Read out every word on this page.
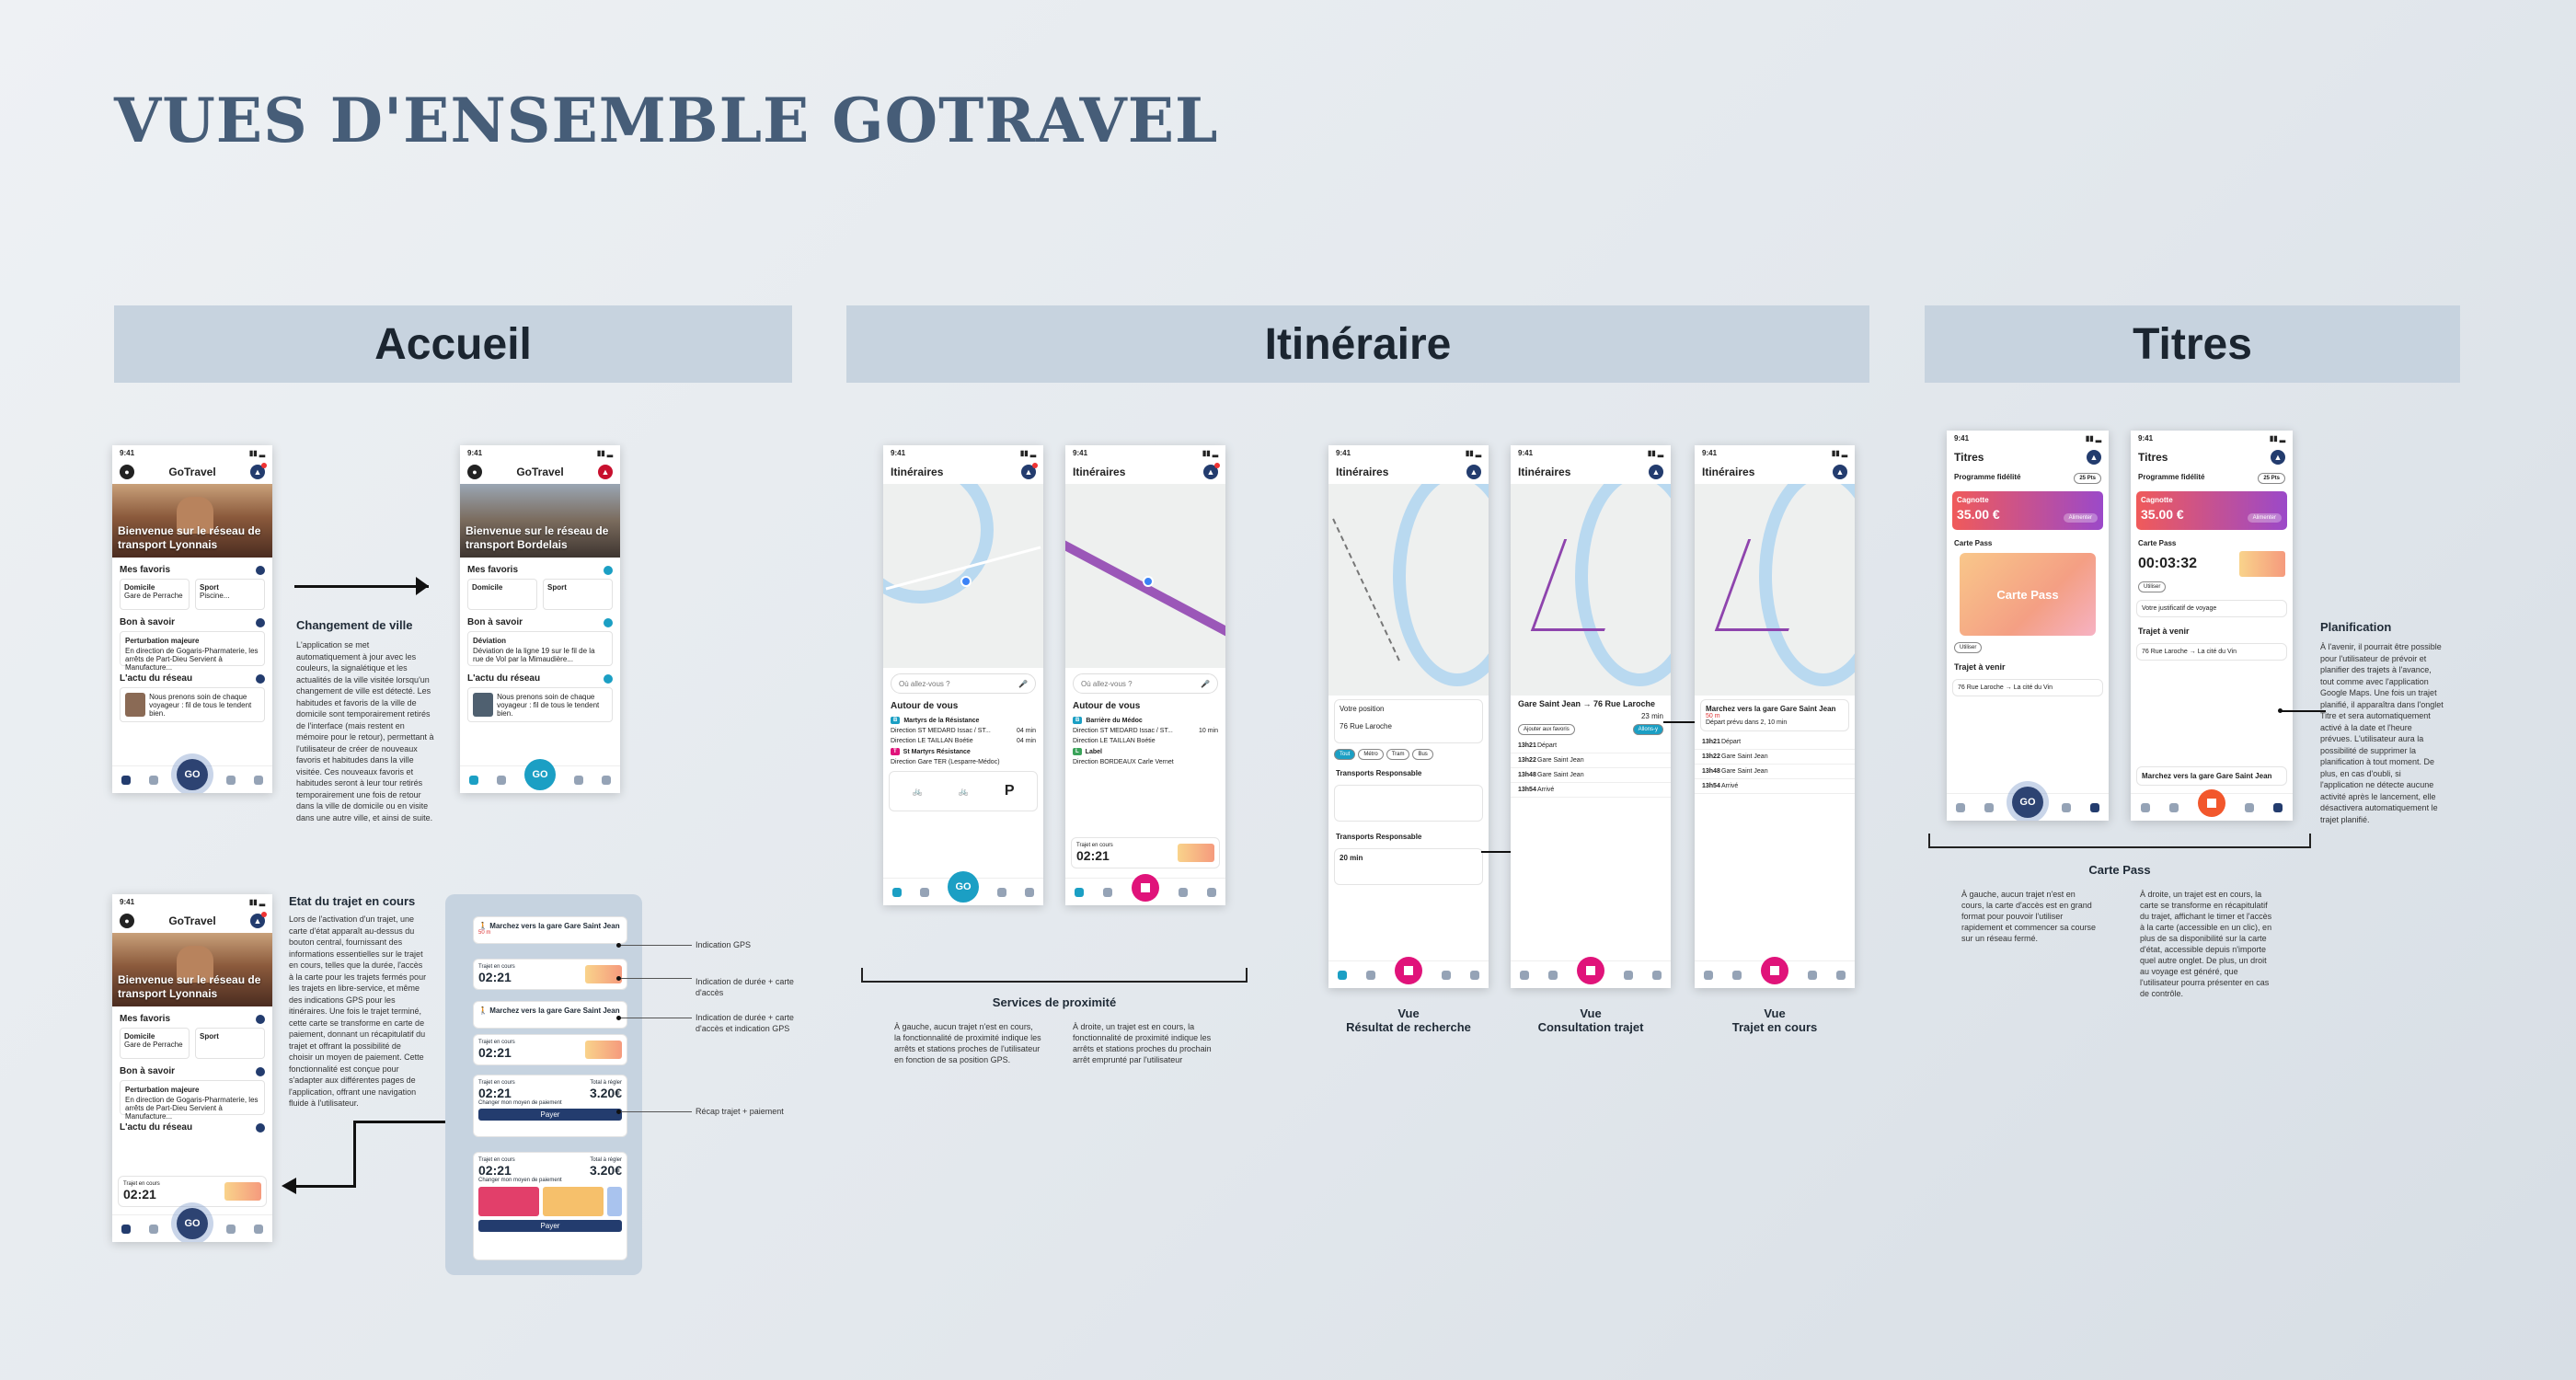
VUES D'ENSEMBLE GOTRAVEL
Accueil	Itinéraire	Titres
9:41	▮▮ ▂
●	GoTravel	▲
Bienvenue sur le réseau de transport Lyonnais
Mes favoris
Domicile
Gare de Perrache
Sport
Piscine...
Bon à savoir
Perturbation majeure
En direction de Gogaris-Pharmaterie, les arrêts de Part-Dieu Servient à Manufacture...
L'actu du réseau
Nous prenons soin de chaque voyageur : fil de tous le tendent bien.
GO
Changement de ville
L'application se met automatiquement à jour avec les couleurs, la signalétique et les actualités de la ville visitée lorsqu'un changement de ville est détecté. Les habitudes et favoris de la ville de domicile sont temporairement retirés de l'interface (mais restent en mémoire pour le retour), permettant à l'utilisateur de créer de nouveaux favoris et habitudes dans la ville visitée. Ces nouveaux favoris et habitudes seront à leur tour retirés temporairement une fois de retour dans la ville de domicile ou en visite dans une autre ville, et ainsi de suite.
9:41	▮▮ ▂
●	GoTravel	▲
Bienvenue sur le réseau de transport Bordelais
Mes favoris
Domicile	Sport
Bon à savoir
Déviation
Déviation de la ligne 19 sur le fil de la rue de Vol par la Mimaudière...
L'actu du réseau
Nous prenons soin de chaque voyageur : fil de tous le tendent bien.
GO
9:41	▮▮ ▂
●	GoTravel	▲
Bienvenue sur le réseau de transport Lyonnais
Mes favoris
Domicile
Gare de Perrache
Sport
Bon à savoir
Perturbation majeure
En direction de Gogaris-Pharmaterie, les arrêts de Part-Dieu Servient à Manufacture...
L'actu du réseau
Trajet en cours
02:21
GO
Etat du trajet en cours
Lors de l'activation d'un trajet, une carte d'état apparaît au-dessus du bouton central, fournissant des informations essentielles sur le trajet en cours, telles que la durée, l'accès à la carte pour les trajets fermés pour les trajets en libre-service, et même des indications GPS pour les itinéraires. Une fois le trajet terminé, cette carte se transforme en carte de paiement, donnant un récapitulatif du trajet et offrant la possibilité de choisir un moyen de paiement. Cette fonctionnalité est conçue pour s'adapter aux différentes pages de l'application, offrant une navigation fluide à l'utilisateur.
🚶 Marchez vers la gare Gare Saint Jean
50 m
Trajet en cours
02:21
🚶 Marchez vers la gare Gare Saint Jean
Trajet en cours
02:21
Trajet en cours	Total à régler
02:21	3.20€
Changer mon moyen de paiement
Payer
Trajet en cours	Total à régler
02:21	3.20€
Changer mon moyen de paiement
Payer
Indication GPS
Indication de durée + carte d'accès
Indication de durée + carte d'accès et indication GPS
Récap trajet + paiement
9:41	▮▮ ▂
Itinéraires	▲
Où allez-vous ?	🎤
Autour de vous
B	Martyrs de la Résistance
Direction ST MEDARD Issac / ST...	04 min
Direction LE TAILLAN Boétie	04 min
T	St Martyrs Résistance
Direction Gare TER (Lesparre-Médoc)
🚲	🚲 P
GO
9:41	▮▮ ▂
Itinéraires	▲
Où allez-vous ?	🎤
Autour de vous
B	Barrière du Médoc
Direction ST MEDARD Issac / ST...	10 min
Direction LE TAILLAN Boétie
L	Label
Direction BORDEAUX Carle Vernet
Trajet en cours
02:21
Services de proximité
À gauche, aucun trajet n'est en cours, la fonctionnalité de proximité indique les arrêts et stations proches de l'utilisateur en fonction de sa position GPS.
À droite, un trajet est en cours, la fonctionnalité de proximité indique les arrêts et stations proches du prochain arrêt emprunté par l'utilisateur
9:41	▮▮ ▂
Itinéraires	▲
Votre position
76 Rue Laroche
Tout	Métro	Tram	Bus
Transports Responsable
Transports Responsable
20 min
9:41	▮▮ ▂
Itinéraires	▲
Gare Saint Jean → 76 Rue Laroche
23 min
Ajouter aux favoris	Allons-y
13h21 Départ
13h22 Gare Saint Jean
13h48 Gare Saint Jean
13h54 Arrivé
9:41	▮▮ ▂
Itinéraires	▲
Marchez vers la gare Gare Saint Jean
50 m
Départ prévu dans 2, 10 min
13h21 Départ
13h22 Gare Saint Jean
13h48 Gare Saint Jean
13h54 Arrivé
Vue
Résultat de recherche
Vue
Consultation trajet
Vue
Trajet en cours
9:41	▮▮ ▂
Titres	▲
Programme fidélité	25 Pts
Cagnotte
35.00 €	Alimenter
Carte Pass
Carte Pass
Utiliser
Trajet à venir
76 Rue Laroche → La cité du Vin
GO
9:41	▮▮ ▂
Titres	▲
Programme fidélité	25 Pts
Cagnotte
35.00 €	Alimenter
Carte Pass
00:03:32
Utiliser
Votre justificatif de voyage
Trajet à venir
76 Rue Laroche → La cité du Vin
Marchez vers la gare Gare Saint Jean
Planification
À l'avenir, il pourrait être possible pour l'utilisateur de prévoir et planifier des trajets à l'avance, tout comme avec l'application Google Maps. Une fois un trajet planifié, il apparaîtra dans l'onglet Titre et sera automatiquement activé à la date et l'heure prévues. L'utilisateur aura la possibilité de supprimer la planification à tout moment. De plus, en cas d'oubli, si l'application ne détecte aucune activité après le lancement, elle désactivera automatiquement le trajet planifié.
Carte Pass
À gauche, aucun trajet n'est en cours, la carte d'accès est en grand format pour pouvoir l'utiliser rapidement et commencer sa course sur un réseau fermé.
À droite, un trajet est en cours, la carte se transforme en récapitulatif du trajet, affichant le timer et l'accès à la carte (accessible en un clic), en plus de sa disponibilité sur la carte d'état, accessible depuis n'importe quel autre onglet. De plus, un droit au voyage est généré, que l'utilisateur pourra présenter en cas de contrôle.
